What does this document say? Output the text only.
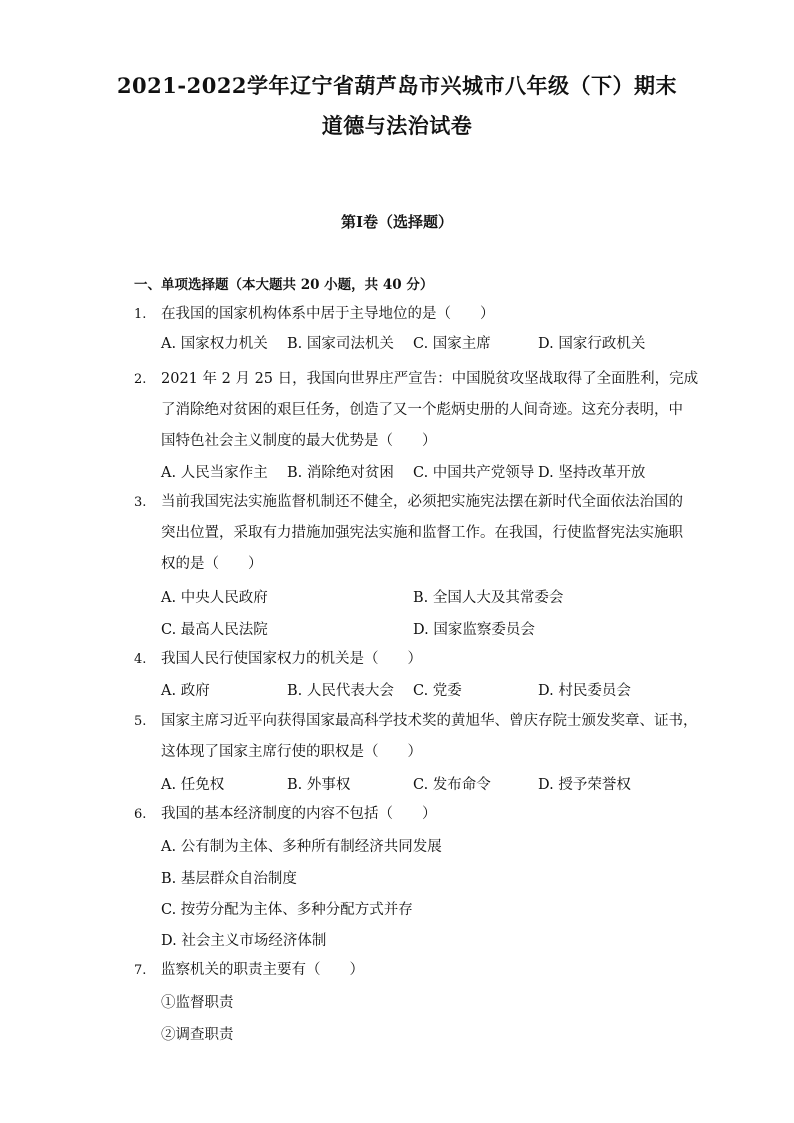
2021-2022学年辽宁省葫芦岛市兴城市八年级（下）期末
道德与法治试卷
第I卷（选择题）
一、单项选择题（本大题共 20 小题，共 40 分）
1.	在我国的国家机构体系中居于主导地位的是（　　）
A. 国家权力机关 B. 国家司法机关 C. 国家主席	D. 国家行政机关
2.	2021 年 2 月 25 日，我国向世界庄严宣告：中国脱贫攻坚战取得了全面胜利，完成
了消除绝对贫困的艰巨任务，创造了又一个彪炳史册的人间奇迹。这充分表明，中
国特色社会主义制度的最大优势是（　　）
A. 人民当家作主 B. 消除绝对贫困 C. 中国共产党领导 D. 坚持改革开放
3.	当前我国宪法实施监督机制还不健全，必须把实施宪法摆在新时代全面依法治国的
突出位置，采取有力措施加强宪法实施和监督工作。在我国，行使监督宪法实施职
权的是（　　）
A. 中央人民政府	B. 全国人大及其常委会
C. 最高人民法院	D. 国家监察委员会
4.	我国人民行使国家权力的机关是（　　）
A. 政府	B. 人民代表大会 C. 党委	D. 村民委员会
5.	国家主席习近平向获得国家最高科学技术奖的黄旭华、曾庆存院士颁发奖章、证书，
这体现了国家主席行使的职权是（　　）
A. 任免权	B. 外事权	C. 发布命令	D. 授予荣誉权
6.	我国的基本经济制度的内容不包括（　　）
A. 公有制为主体、多种所有制经济共同发展
B. 基层群众自治制度
C. 按劳分配为主体、多种分配方式并存
D. 社会主义市场经济体制
7.	监察机关的职责主要有（　　）
①监督职责
②调查职责
